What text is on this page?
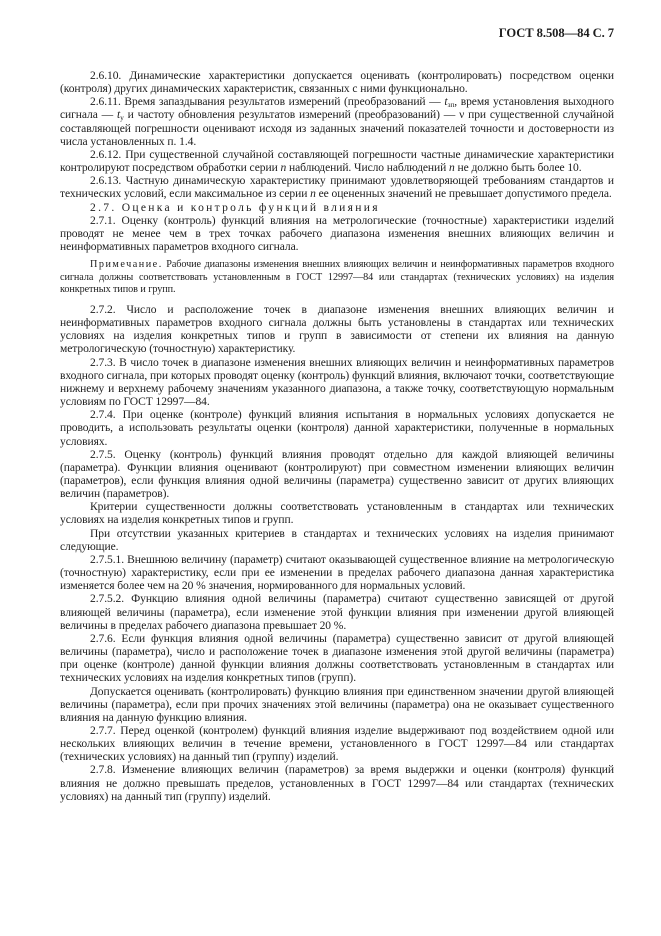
ГОСТ 8.508—84 С. 7

2.6.10. Динамические характеристики допускается оценивать (контролировать) посредством оценки (контроля) других динамических характеристик, связанных с ними функционально.

2.6.11. Время запаздывания результатов измерений (преобразований — $t_{зп}$, время установления выходного сигнала — $t_у$ и частоту обновления результатов измерений (преобразований) — ν при существенной случайной составляющей погрешности оценивают исходя из заданных значений показателей точности и достоверности из числа установленных п. 1.4.

2.6.12. При существенной случайной составляющей погрешности частные динамические характеристики контролируют посредством обработки серии n наблюдений. Число наблюдений n не должно быть более 10.

2.6.13. Частную динамическую характеристику принимают удовлетворяющей требованиям стандартов и технических условий, если максимальное из серии n ее оцененных значений не превышает допустимого предела.

2.7. Оценка и контроль функций влияния

2.7.1. Оценку (контроль) функций влияния на метрологические (точностные) характеристики изделий проводят не менее чем в трех точках рабочего диапазона изменения внешних влияющих величин и неинформативных параметров входного сигнала.

Примечание. Рабочие диапазоны изменения внешних влияющих величин и неинформативных параметров входного сигнала должны соответствовать установленным в ГОСТ 12997—84 или стандартах (технических условиях) на изделия конкретных типов и групп.

2.7.2. Число и расположение точек в диапазоне изменения внешних влияющих величин и неинформативных параметров входного сигнала должны быть установлены в стандартах или технических условиях на изделия конкретных типов и групп в зависимости от степени их влияния на данную метрологическую (точностную) характеристику.

2.7.3. В число точек в диапазоне изменения внешних влияющих величин и неинформативных параметров входного сигнала, при которых проводят оценку (контроль) функций влияния, включают точки, соответствующие нижнему и верхнему рабочему значениям указанного диапазона, а также точку, соответствующую нормальным условиям по ГОСТ 12997—84.

2.7.4. При оценке (контроле) функций влияния испытания в нормальных условиях допускается не проводить, а использовать результаты оценки (контроля) данной характеристики, полученные в нормальных условиях.

2.7.5. Оценку (контроль) функций влияния проводят отдельно для каждой влияющей величины (параметра). Функции влияния оценивают (контролируют) при совместном изменении влияющих величин (параметров), если функция влияния одной величины (параметра) существенно зависит от других влияющих величин (параметров).

Критерии существенности должны соответствовать установленным в стандартах или технических условиях на изделия конкретных типов и групп.

При отсутствии указанных критериев в стандартах и технических условиях на изделия принимают следующие.

2.7.5.1. Внешнюю величину (параметр) считают оказывающей существенное влияние на метрологическую (точностную) характеристику, если при ее изменении в пределах рабочего диапазона данная характеристика изменяется более чем на 20 % значения, нормированного для нормальных условий.

2.7.5.2. Функцию влияния одной величины (параметра) считают существенно зависящей от другой влияющей величины (параметра), если изменение этой функции влияния при изменении другой влияющей величины в пределах рабочего диапазона превышает 20 %.

2.7.6. Если функция влияния одной величины (параметра) существенно зависит от другой влияющей величины (параметра), число и расположение точек в диапазоне изменения этой другой величины (параметра) при оценке (контроле) данной функции влияния должны соответствовать установленным в стандартах или технических условиях на изделия конкретных типов (групп).

Допускается оценивать (контролировать) функцию влияния при единственном значении другой влияющей величины (параметра), если при прочих значениях этой величины (параметра) она не оказывает существенного влияния на данную функцию влияния.

2.7.7. Перед оценкой (контролем) функций влияния изделие выдерживают под воздействием одной или нескольких влияющих величин в течение времени, установленного в ГОСТ 12997—84 или стандартах (технических условиях) на данный тип (группу) изделий.

2.7.8. Изменение влияющих величин (параметров) за время выдержки и оценки (контроля) функций влияния не должно превышать пределов, установленных в ГОСТ 12997—84 или стандартах (технических условиях) на данный тип (группу) изделий.
